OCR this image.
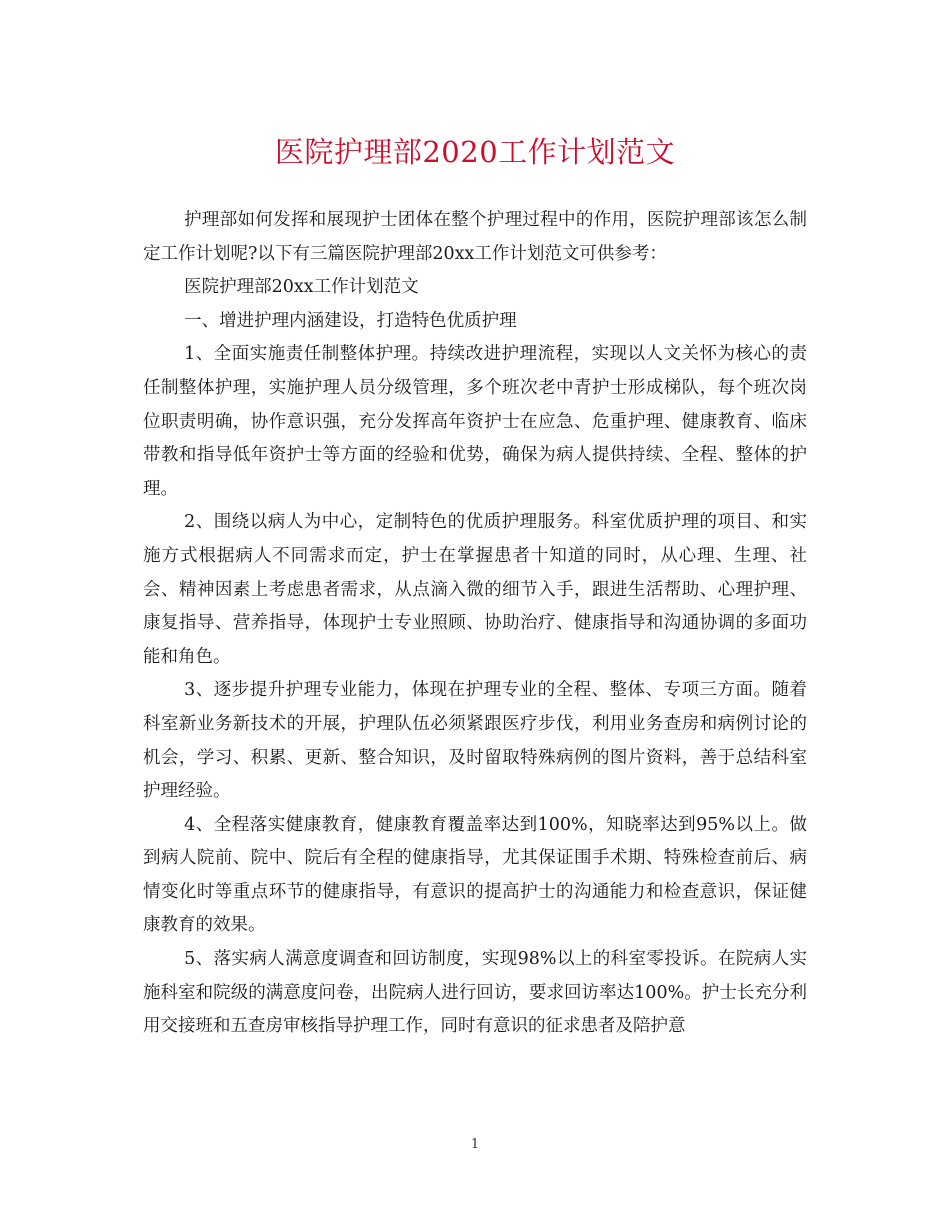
医院护理部2020工作计划范文

护理部如何发挥和展现护士团体在整个护理过程中的作用，医院护理部该怎么制定工作计划呢?以下有三篇医院护理部20xx工作计划范文可供参考：

医院护理部20xx工作计划范文

一、增进护理内涵建设，打造特色优质护理

1、全面实施责任制整体护理。持续改进护理流程，实现以人文关怀为核心的责任制整体护理，实施护理人员分级管理，多个班次老中青护士形成梯队，每个班次岗位职责明确，协作意识强，充分发挥高年资护士在应急、危重护理、健康教育、临床带教和指导低年资护士等方面的经验和优势，确保为病人提供持续、全程、整体的护理。

2、围绕以病人为中心，定制特色的优质护理服务。科室优质护理的项目、和实施方式根据病人不同需求而定，护士在掌握患者十知道的同时，从心理、生理、社会、精神因素上考虑患者需求，从点滴入微的细节入手，跟进生活帮助、心理护理、康复指导、营养指导，体现护士专业照顾、协助治疗、健康指导和沟通协调的多面功能和角色。

3、逐步提升护理专业能力，体现在护理专业的全程、整体、专项三方面。随着科室新业务新技术的开展，护理队伍必须紧跟医疗步伐，利用业务查房和病例讨论的机会，学习、积累、更新、整合知识，及时留取特殊病例的图片资料，善于总结科室护理经验。

4、全程落实健康教育，健康教育覆盖率达到100%，知晓率达到95%以上。做到病人院前、院中、院后有全程的健康指导，尤其保证围手术期、特殊检查前后、病情变化时等重点环节的健康指导，有意识的提高护士的沟通能力和检查意识，保证健康教育的效果。

5、落实病人满意度调查和回访制度，实现98%以上的科室零投诉。在院病人实施科室和院级的满意度问卷，出院病人进行回访，要求回访率达100%。护士长充分利用交接班和五查房审核指导护理工作，同时有意识的征求患者及陪护意

1
